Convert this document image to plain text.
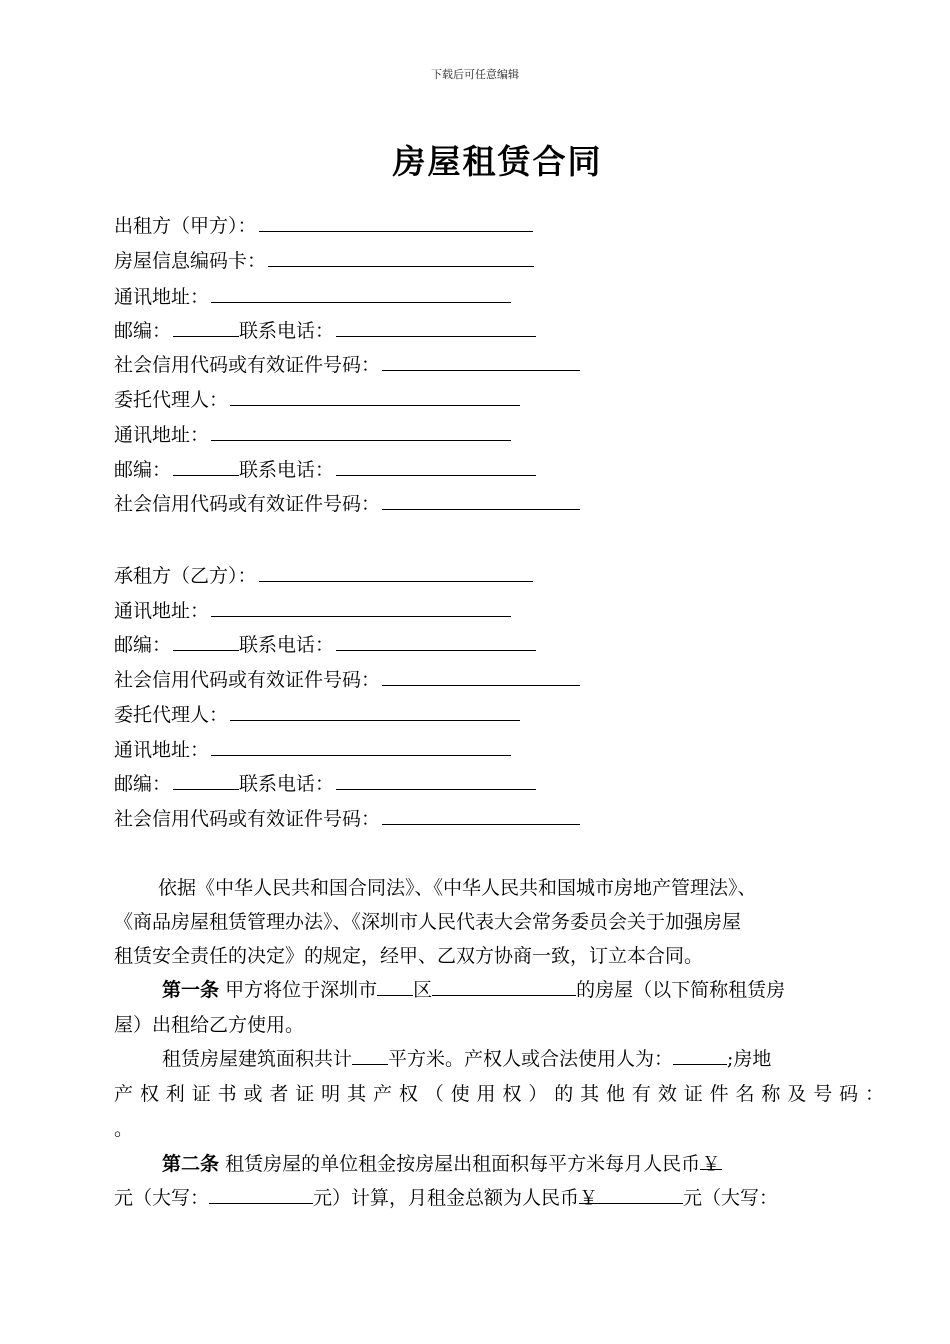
下载后可任意编辑
房屋租赁合同
出租方（甲方）：
房屋信息编码卡：
通讯地址：
邮编：	联系电话：
社会信用代码或有效证件号码：
委托代理人：
通讯地址：
邮编：	联系电话：
社会信用代码或有效证件号码：
承租方（乙方）：
通讯地址：
邮编：	联系电话：
社会信用代码或有效证件号码：
委托代理人：
通讯地址：
邮编：	联系电话：
社会信用代码或有效证件号码：
依据《中华人民共和国合同法》、《中华人民共和国城市房地产管理法》、
《商品房屋租赁管理办法》、《深圳市人民代表大会常务委员会关于加强房屋
租赁安全责任的决定》的规定，经甲、乙双方协商一致，订立本合同。
第一条 甲方将位于深圳市 区	的房屋（以下简称租赁房
屋）出租给乙方使用。
租赁房屋建筑面积共计 平方米。产权人或合法使用人为：	;房地
产权利证书或者证明其产权（使用权）的其他有效证件名称及号码：
。
第二条 租赁房屋的单位租金按房屋出租面积每平方米每月人民币￥
元（大写：	元）计算，月租金总额为人民币￥	元（大写：
